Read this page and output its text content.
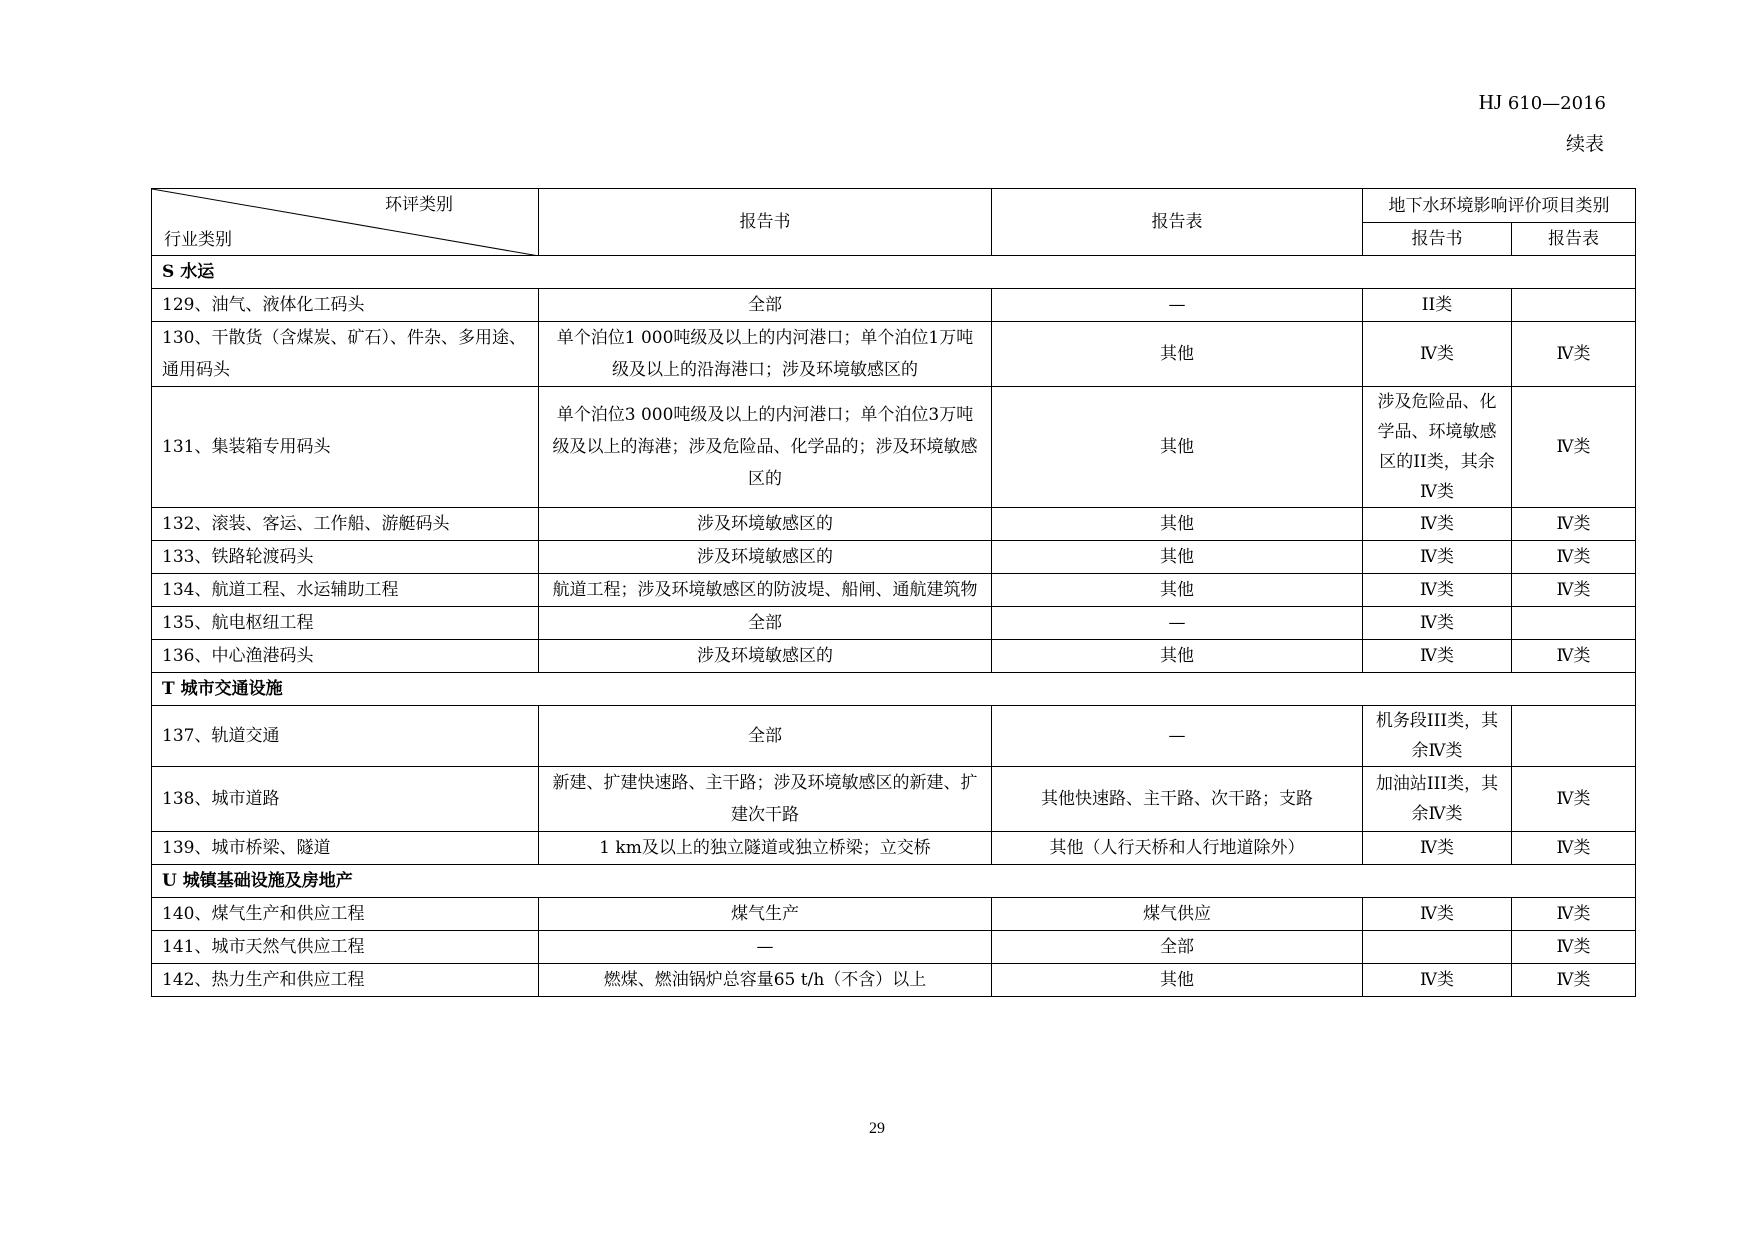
HJ 610—2016
续表
环评类别
行业类别	报告书	报告表	地下水环境影响评价项目类别	
			报告书	报告表
S 水运				
129、油气、液体化工码头	全部	—	II类	
130、干散货（含煤炭、矿石）、件杂、多用途、通用码头	单个泊位1 000吨级及以上的内河港口；单个泊位1万吨级及以上的沿海港口；涉及环境敏感区的	其他	Ⅳ类	Ⅳ类
131、集装箱专用码头	单个泊位3 000吨级及以上的内河港口；单个泊位3万吨级及以上的海港；涉及危险品、化学品的；涉及环境敏感区的	其他	涉及危险品、化学品、环境敏感区的II类，其余Ⅳ类	Ⅳ类
132、滚装、客运、工作船、游艇码头	涉及环境敏感区的	其他	Ⅳ类	Ⅳ类
133、铁路轮渡码头	涉及环境敏感区的	其他	Ⅳ类	Ⅳ类
134、航道工程、水运辅助工程	航道工程；涉及环境敏感区的防波堤、船闸、通航建筑物	其他	Ⅳ类	Ⅳ类
135、航电枢纽工程	全部	—	Ⅳ类	
136、中心渔港码头	涉及环境敏感区的	其他	Ⅳ类	Ⅳ类
T 城市交通设施				
137、轨道交通	全部	—	机务段III类，其余Ⅳ类	
138、城市道路	新建、扩建快速路、主干路；涉及环境敏感区的新建、扩建次干路	其他快速路、主干路、次干路；支路	加油站III类，其余Ⅳ类	Ⅳ类
139、城市桥梁、隧道	1 km及以上的独立隧道或独立桥梁；立交桥	其他（人行天桥和人行地道除外）	Ⅳ类	Ⅳ类
U 城镇基础设施及房地产				
140、煤气生产和供应工程	煤气生产	煤气供应	Ⅳ类	Ⅳ类
141、城市天然气供应工程	—	全部		Ⅳ类
142、热力生产和供应工程	燃煤、燃油锅炉总容量65 t/h（不含）以上	其他	Ⅳ类	Ⅳ类
29
